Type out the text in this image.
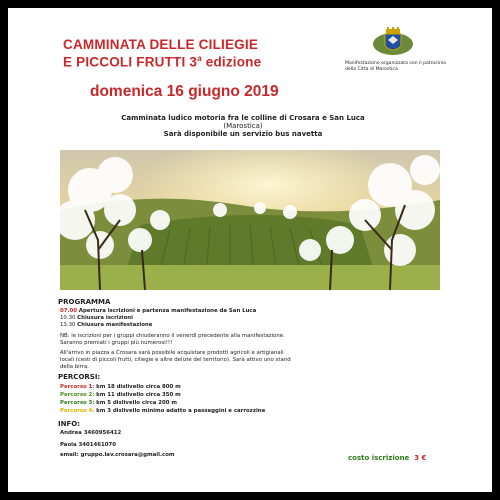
CAMMINATA DELLE CILIEGIE
E PICCOLI FRUTTI 3$^a$ edizione	Manifestazione organizzata con il patrocinio della Città di Marostica
domenica 16 giugno 2019
Camminata ludico motoria fra le colline di Crosara e San Luca
(Marostica)
Sarà disponibile un servizio bus navetta
PROGRAMMA
07.00 Apertura iscrizioni e partenza manifestazione da San Luca
10.30 Chiusura iscrizioni
13.30 Chiusura manifestazione
NB: le iscrizioni per i gruppi chiuderanno il venerdì precedente alla manifestazione.
Saranno premiati i gruppi più numerosi!!!
All'arrivo in piazza a Crosara sarà possibile acquistare prodotti agricoli e artigianali
locali (cesti di piccoli frutti, ciliegie e altre delizie del territorio). Sarà attivo uno stand
della birra.
PERCORSI:
Percorso 1: km 18 dislivello circa 800 m
Percorso 2: km 11 dislivello circa 350 m
Percorso 3: km 5 dislivello circa 200 m
Percorso 4: km 3 dislivello minimo adatto a passeggini e carrozzine
INFO:
Andrea 3460956412
Paola 3401461070
email: gruppo.lav.crosara@gmail.com	costo iscrizione 3 €
